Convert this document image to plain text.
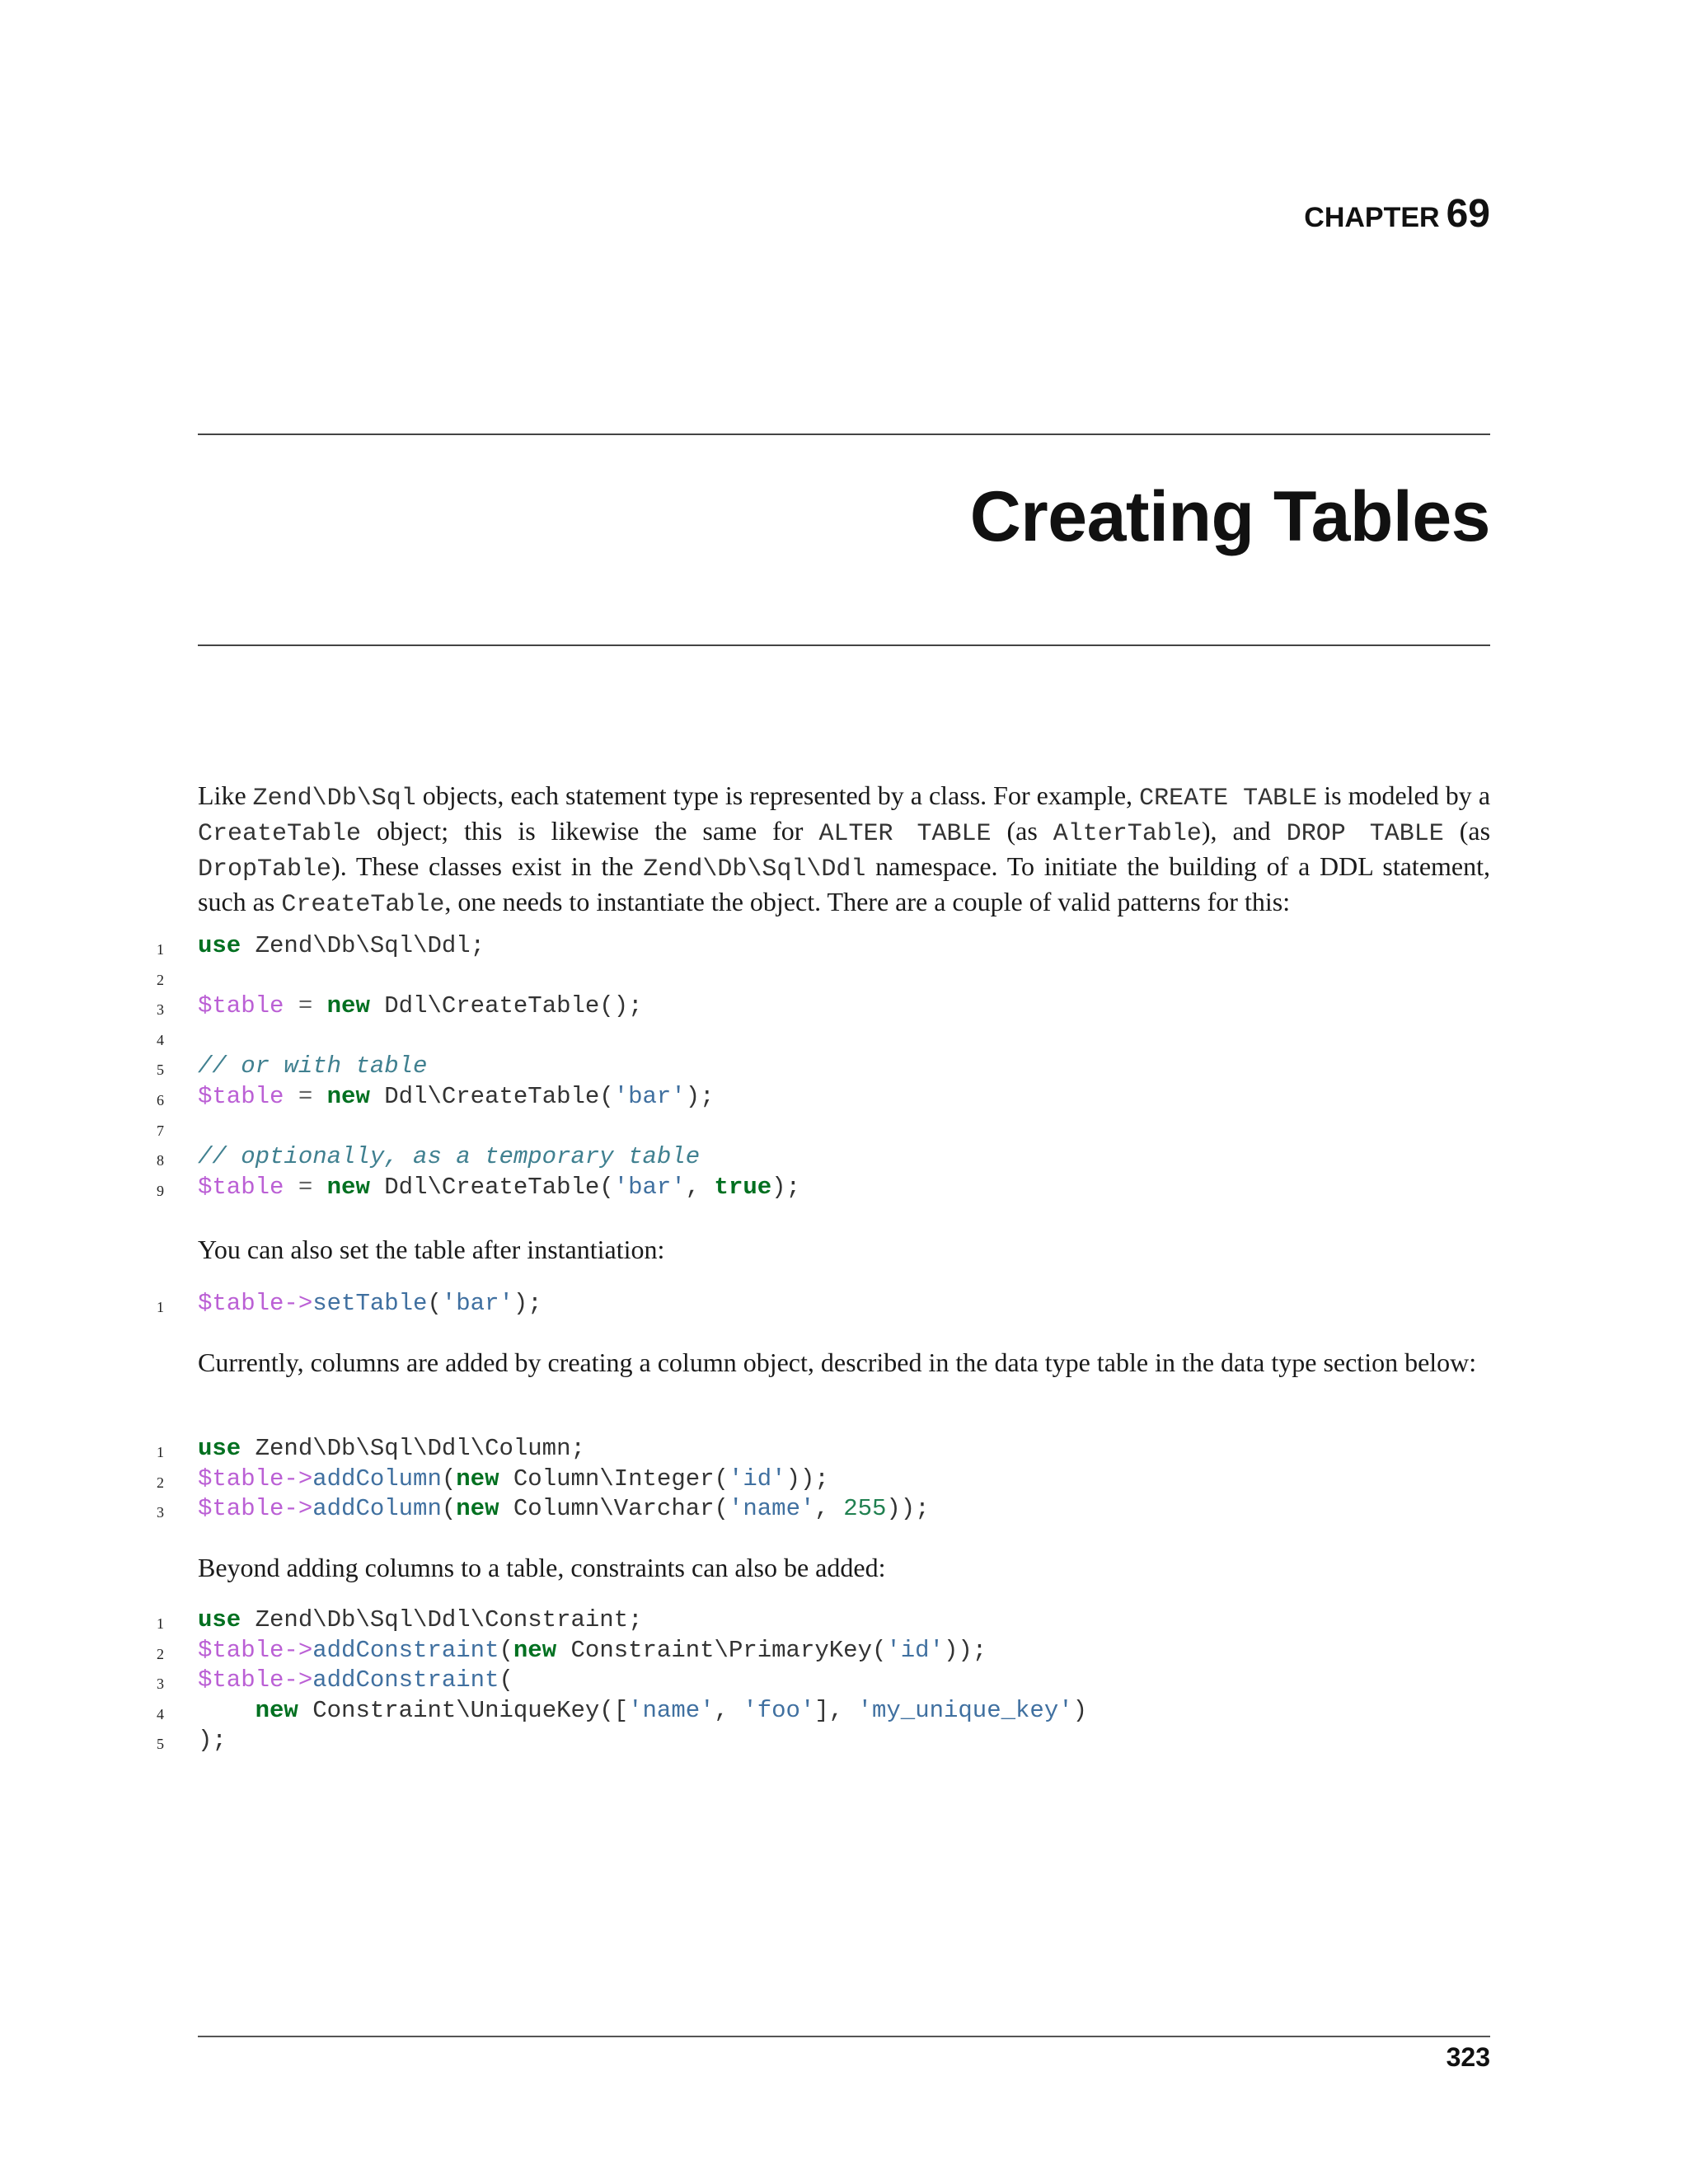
CHAPTER 69
Creating Tables

Like Zend\Db\Sql objects, each statement type is represented by a class. For example, CREATE TABLE is modeled by a CreateTable object; this is likewise the same for ALTER TABLE (as AlterTable), and DROP TABLE (as DropTable). These classes exist in the Zend\Db\Sql\Ddl namespace. To initiate the building of a DDL statement, such as CreateTable, one needs to instantiate the object. There are a couple of valid patterns for this:

1	use Zend\Db\Sql\Ddl;
2
3	$table = new Ddl\CreateTable();
4
5	// or with table
6	$table = new Ddl\CreateTable('bar');
7
8	// optionally, as a temporary table
9	$table = new Ddl\CreateTable('bar', true);

You can also set the table after instantiation:

1	$table->setTable('bar');

Currently, columns are added by creating a column object, described in the data type table in the data type section below:

1	use Zend\Db\Sql\Ddl\Column;
2	$table->addColumn(new Column\Integer('id'));
3	$table->addColumn(new Column\Varchar('name', 255));

Beyond adding columns to a table, constraints can also be added:

1	use Zend\Db\Sql\Ddl\Constraint;
2	$table->addConstraint(new Constraint\PrimaryKey('id'));
3	$table->addConstraint(
4	new Constraint\UniqueKey(['name', 'foo'], 'my_unique_key')
5	);
323
